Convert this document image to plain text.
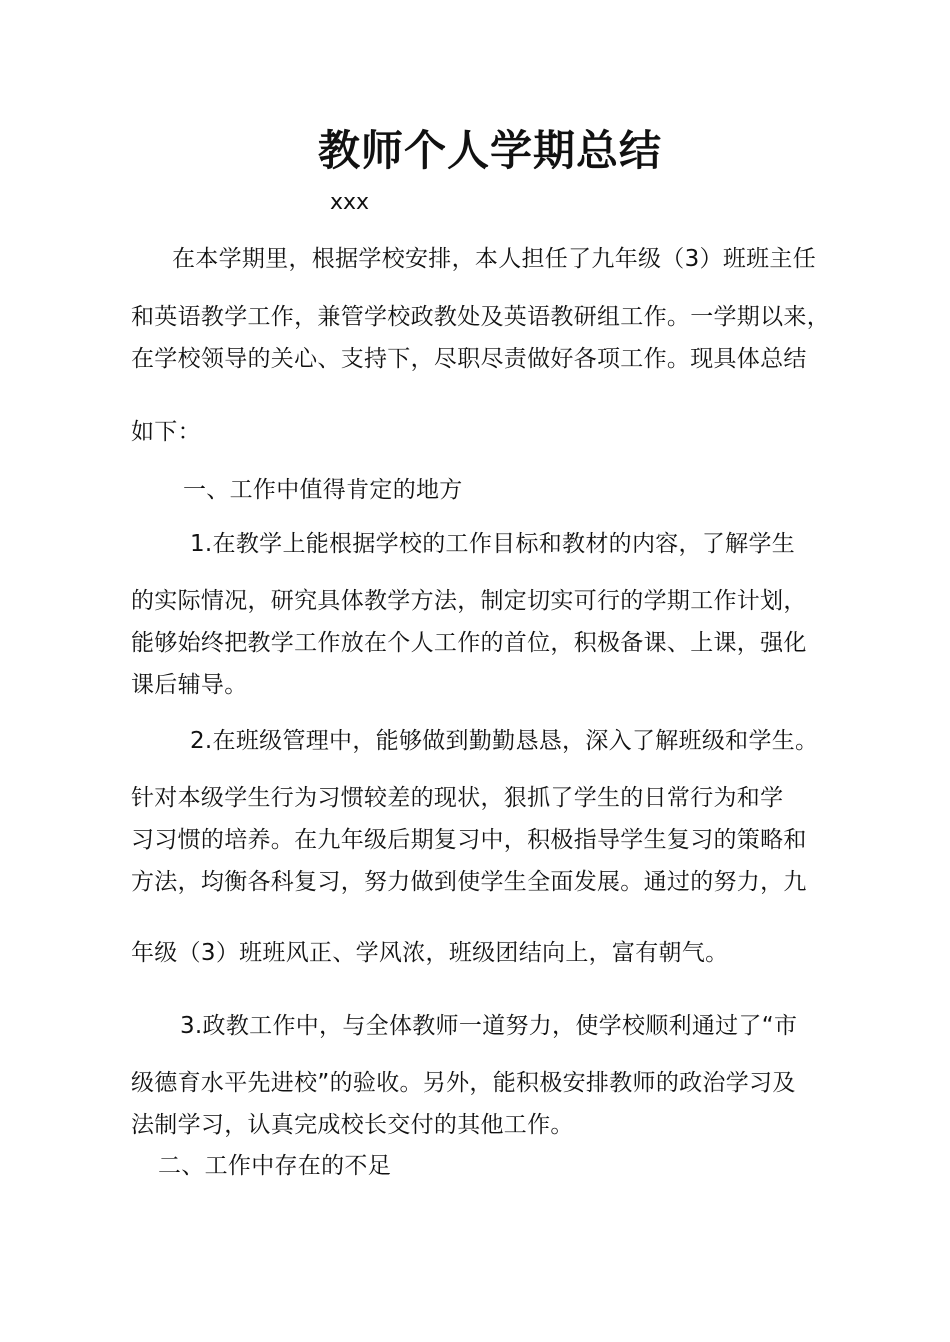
教师个人学期总结
xxx
在本学期里，根据学校安排，本人担任了九年级（3）班班主任
和英语教学工作，兼管学校政教处及英语教研组工作。一学期以来，
在学校领导的关心、支持下，尽职尽责做好各项工作。现具体总结
如下：
一、工作中值得肯定的地方
1.在教学上能根据学校的工作目标和教材的内容，了解学生
的实际情况，研究具体教学方法，制定切实可行的学期工作计划，
能够始终把教学工作放在个人工作的首位，积极备课、上课，强化
课后辅导。
2.在班级管理中，能够做到勤勤恳恳，深入了解班级和学生。
针对本级学生行为习惯较差的现状，狠抓了学生的日常行为和学
习习惯的培养。在九年级后期复习中，积极指导学生复习的策略和
方法，均衡各科复习，努力做到使学生全面发展。通过的努力，九
年级（3）班班风正、学风浓，班级团结向上，富有朝气。
3.政教工作中，与全体教师一道努力，使学校顺利通过了“市
级德育水平先进校”的验收。另外，能积极安排教师的政治学习及
法制学习，认真完成校长交付的其他工作。
二、工作中存在的不足
